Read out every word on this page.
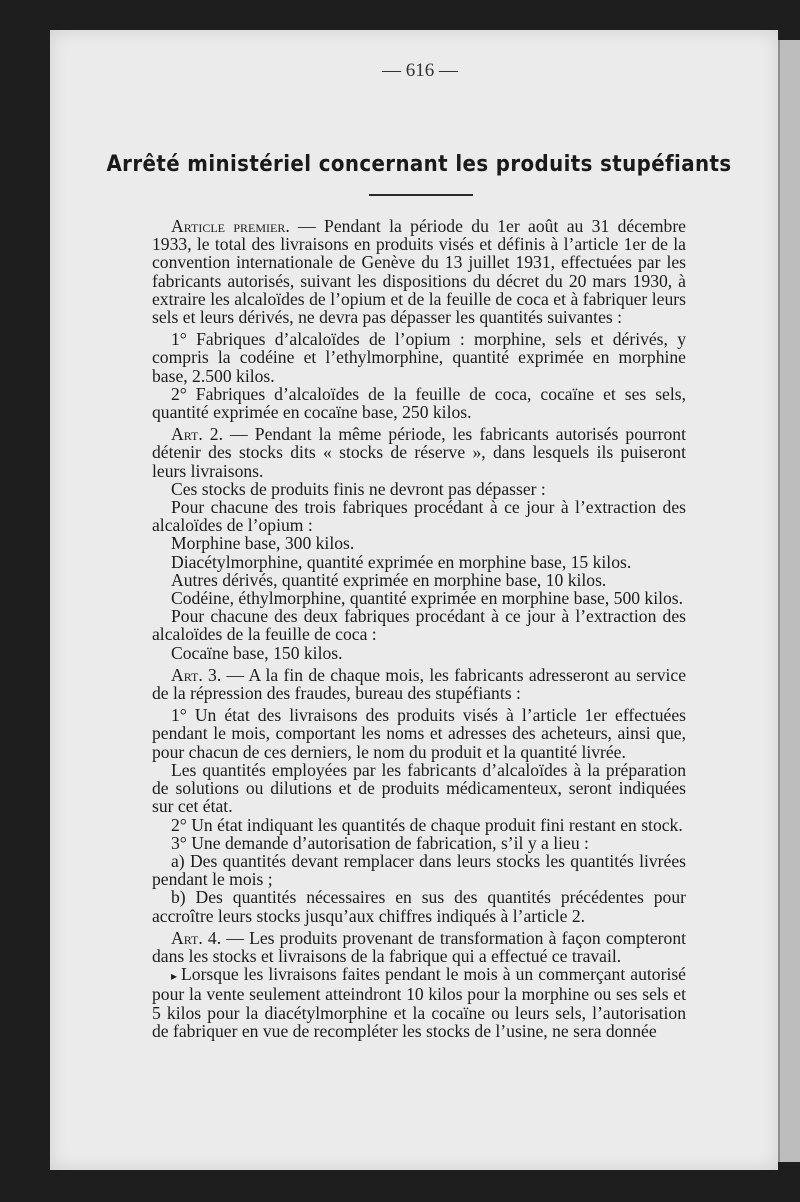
— 616 —
Arrêté ministériel concernant les produits stupéfiants

Article premier. — Pendant la période du 1er août au 31 décembre 1933, le total des livraisons en produits visés et définis à l’article 1er de la convention internationale de Genève du 13 juillet 1931, effectuées par les fabricants autorisés, suivant les dispositions du décret du 20 mars 1930, à extraire les alcaloïdes de l’opium et de la feuille de coca et à fabriquer leurs sels et leurs dérivés, ne devra pas dépasser les quantités suivantes :

1° Fabriques d’alcaloïdes de l’opium : morphine, sels et dérivés, y compris la codéine et l’ethylmorphine, quantité exprimée en morphine base, 2.500 kilos.

2° Fabriques d’alcaloïdes de la feuille de coca, cocaïne et ses sels, quantité exprimée en cocaïne base, 250 kilos.

Art. 2. — Pendant la même période, les fabricants autorisés pourront détenir des stocks dits « stocks de réserve », dans lesquels ils puiseront leurs livraisons.

Ces stocks de produits finis ne devront pas dépasser :

Pour chacune des trois fabriques procédant à ce jour à l’extraction des alcaloïdes de l’opium :

Morphine base, 300 kilos.

Diacétylmorphine, quantité exprimée en morphine base, 15 kilos.

Autres dérivés, quantité exprimée en morphine base, 10 kilos.

Codéine, éthylmorphine, quantité exprimée en morphine base, 500 kilos.

Pour chacune des deux fabriques procédant à ce jour à l’extraction des alcaloïdes de la feuille de coca :

Cocaïne base, 150 kilos.

Art. 3. — A la fin de chaque mois, les fabricants adresseront au service de la répression des fraudes, bureau des stupéfiants :

1° Un état des livraisons des produits visés à l’article 1er effectuées pendant le mois, comportant les noms et adresses des acheteurs, ainsi que, pour chacun de ces derniers, le nom du produit et la quantité livrée.

Les quantités employées par les fabricants d’alcaloïdes à la préparation de solutions ou dilutions et de produits médicamenteux, seront indiquées sur cet état.

2° Un état indiquant les quantités de chaque produit fini restant en stock.

3° Une demande d’autorisation de fabrication, s’il y a lieu :

a) Des quantités devant remplacer dans leurs stocks les quantités livrées pendant le mois ;

b) Des quantités nécessaires en sus des quantités précédentes pour accroître leurs stocks jusqu’aux chiffres indiqués à l’article 2.

Art. 4. — Les produits provenant de transformation à façon compteront dans les stocks et livraisons de la fabrique qui a effectué ce travail.

▸ Lorsque les livraisons faites pendant le mois à un commerçant autorisé pour la vente seulement atteindront 10 kilos pour la morphine ou ses sels et 5 kilos pour la diacétylmorphine et la cocaïne ou leurs sels, l’autorisation de fabriquer en vue de recompléter les stocks de l’usine, ne sera donnée
